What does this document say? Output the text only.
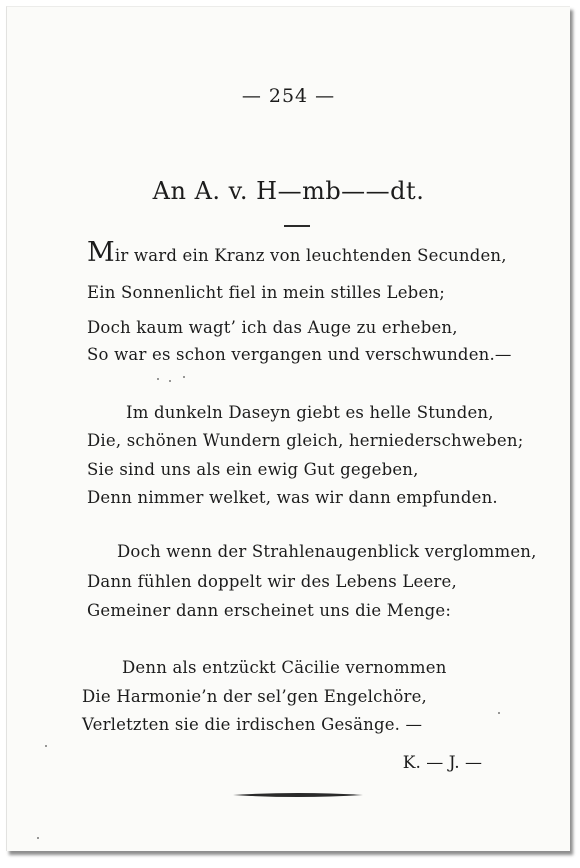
— 254 —
An A. v. H—mb——dt.
Mir ward ein Kranz von leuchtenden Secunden,
Ein Sonnenlicht fiel in mein stilles Leben;
Doch kaum wagt’ ich das Auge zu erheben,
So war es schon vergangen und verschwunden.—
Im dunkeln Daseyn giebt es helle Stunden,
Die, schönen Wundern gleich, herniederschweben;
Sie sind uns als ein ewig Gut gegeben,
Denn nimmer welket, was wir dann empfunden.
Doch wenn der Strahlenaugenblick verglommen,
Dann fühlen doppelt wir des Lebens Leere,
Gemeiner dann erscheinet uns die Menge:
Denn als entzückt Cäcilie vernommen
Die Harmonie’n der sel’gen Engelchöre,
Verletzten sie die irdischen Gesänge. —
K. — J. —
